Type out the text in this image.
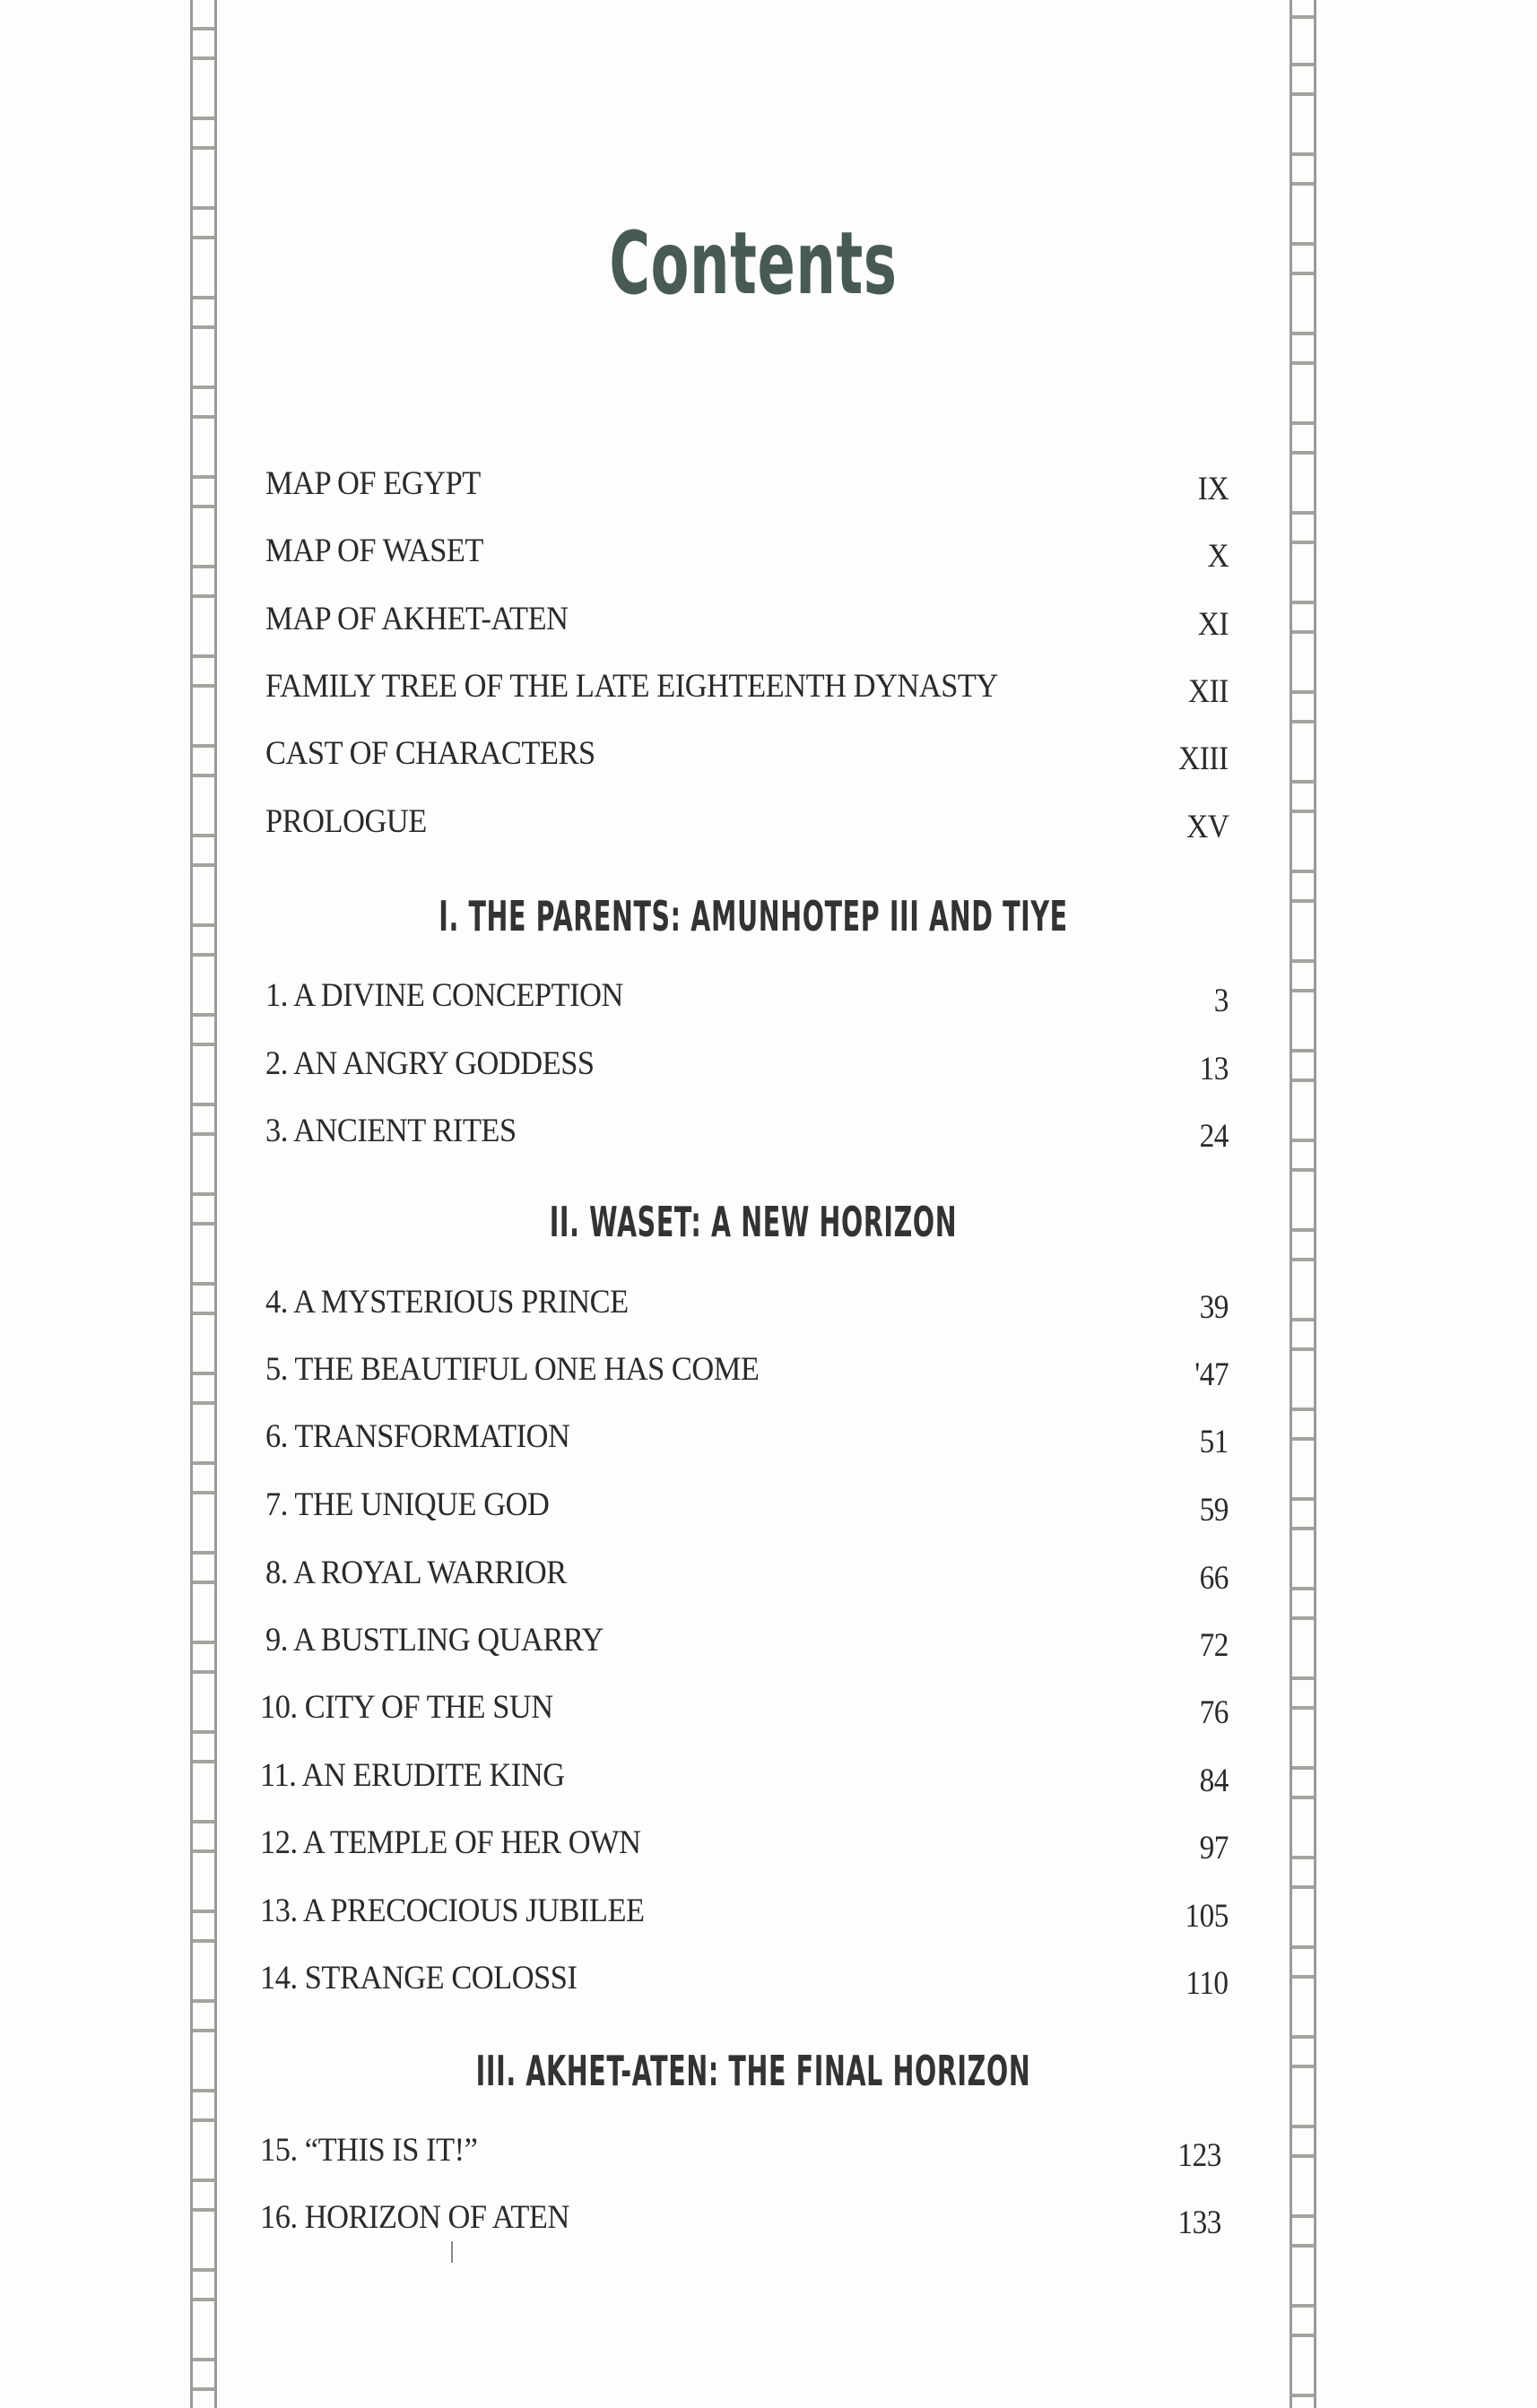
Contents
MAP OF EGYPT	IX
MAP OF WASET	X
MAP OF AKHET-ATEN	XI
FAMILY TREE OF THE LATE EIGHTEENTH DYNASTY	XII
CAST OF CHARACTERS	XIII
PROLOGUE	XV
I. THE PARENTS: AMUNHOTEP III AND TIYE
1. A DIVINE CONCEPTION	3
2. AN ANGRY GODDESS	13
3. ANCIENT RITES	24
II. WASET: A NEW HORIZON
4. A MYSTERIOUS PRINCE	39
5. THE BEAUTIFUL ONE HAS COME	'47
6. TRANSFORMATION	51
7. THE UNIQUE GOD	59
8. A ROYAL WARRIOR	66
9. A BUSTLING QUARRY	72
10. CITY OF THE SUN	76
11. AN ERUDITE KING	84
12. A TEMPLE OF HER OWN	97
13. A PRECOCIOUS JUBILEE	105
14. STRANGE COLOSSI	110
III. AKHET-ATEN: THE FINAL HORIZON
15. “THIS IS IT!”	123
16. HORIZON OF ATEN	133
